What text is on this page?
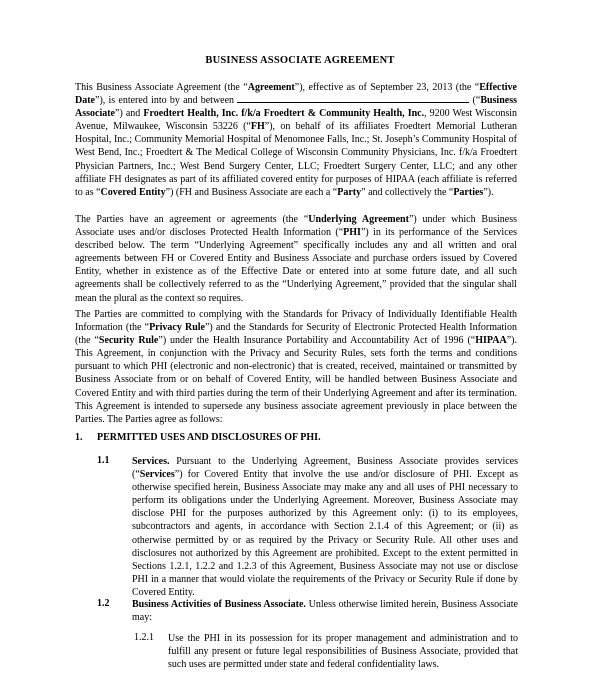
BUSINESS ASSOCIATE AGREEMENT

This Business Associate Agreement (the “Agreement”), effective as of September 23, 2013 (the “Effective Date”), is entered into by and between	(“Business Associate”) and Froedtert Health, Inc. f/k/a Froedtert & Community Health, Inc., 9200 West Wisconsin Avenue, Milwaukee, Wisconsin 53226 (“FH”), on behalf of its affiliates Froedtert Memorial Lutheran Hospital, Inc.; Community Memorial Hospital of Menomonee Falls, Inc.; St. Joseph’s Community Hospital of West Bend, Inc.; Froedtert & The Medical College of Wisconsin Community Physicians, Inc. f/k/a Froedtert Physician Partners, Inc.; West Bend Surgery Center, LLC; Froedtert Surgery Center, LLC; and any other affiliate FH designates as part of its affiliated covered entity for purposes of HIPAA (each affiliate is referred to as “Covered Entity”) (FH and Business Associate are each a “Party” and collectively the “Parties”).

The Parties have an agreement or agreements (the “Underlying Agreement”) under which Business Associate uses and/or discloses Protected Health Information (“PHI”) in its performance of the Services described below. The term “Underlying Agreement” specifically includes any and all written and oral agreements between FH or Covered Entity and Business Associate and purchase orders issued by Covered Entity, whether in existence as of the Effective Date or entered into at some future date, and all such agreements shall be collectively referred to as the “Underlying Agreement,” provided that the singular shall mean the plural as the context so requires.

The Parties are committed to complying with the Standards for Privacy of Individually Identifiable Health Information (the “Privacy Rule”) and the Standards for Security of Electronic Protected Health Information (the “Security Rule”) under the Health Insurance Portability and Accountability Act of 1996 (“HIPAA”). This Agreement, in conjunction with the Privacy and Security Rules, sets forth the terms and conditions pursuant to which PHI (electronic and non-electronic) that is created, received, maintained or transmitted by Business Associate from or on behalf of Covered Entity, will be handled between Business Associate and Covered Entity and with third parties during the term of their Underlying Agreement and after its termination. This Agreement is intended to supersede any business associate agreement previously in place between the Parties. The Parties agree as follows:

1. PERMITTED USES AND DISCLOSURES OF PHI.
1.1 Services. Pursuant to the Underlying Agreement, Business Associate provides services (“Services”) for Covered Entity that involve the use and/or disclosure of PHI. Except as otherwise specified herein, Business Associate may make any and all uses of PHI necessary to perform its obligations under the Underlying Agreement. Moreover, Business Associate may disclose PHI for the purposes authorized by this Agreement only: (i) to its employees, subcontractors and agents, in accordance with Section 2.1.4 of this Agreement; or (ii) as otherwise permitted by or as required by the Privacy or Security Rule. All other uses and disclosures not authorized by this Agreement are prohibited. Except to the extent permitted in Sections 1.2.1, 1.2.2 and 1.2.3 of this Agreement, Business Associate may not use or disclose PHI in a manner that would violate the requirements of the Privacy or Security Rule if done by Covered Entity.

1.2 Business Activities of Business Associate. Unless otherwise limited herein, Business Associate may:

1.2.1 Use the PHI in its possession for its proper management and administration and to fulfill any present or future legal responsibilities of Business Associate, provided that such uses are permitted under state and federal confidentiality laws.
